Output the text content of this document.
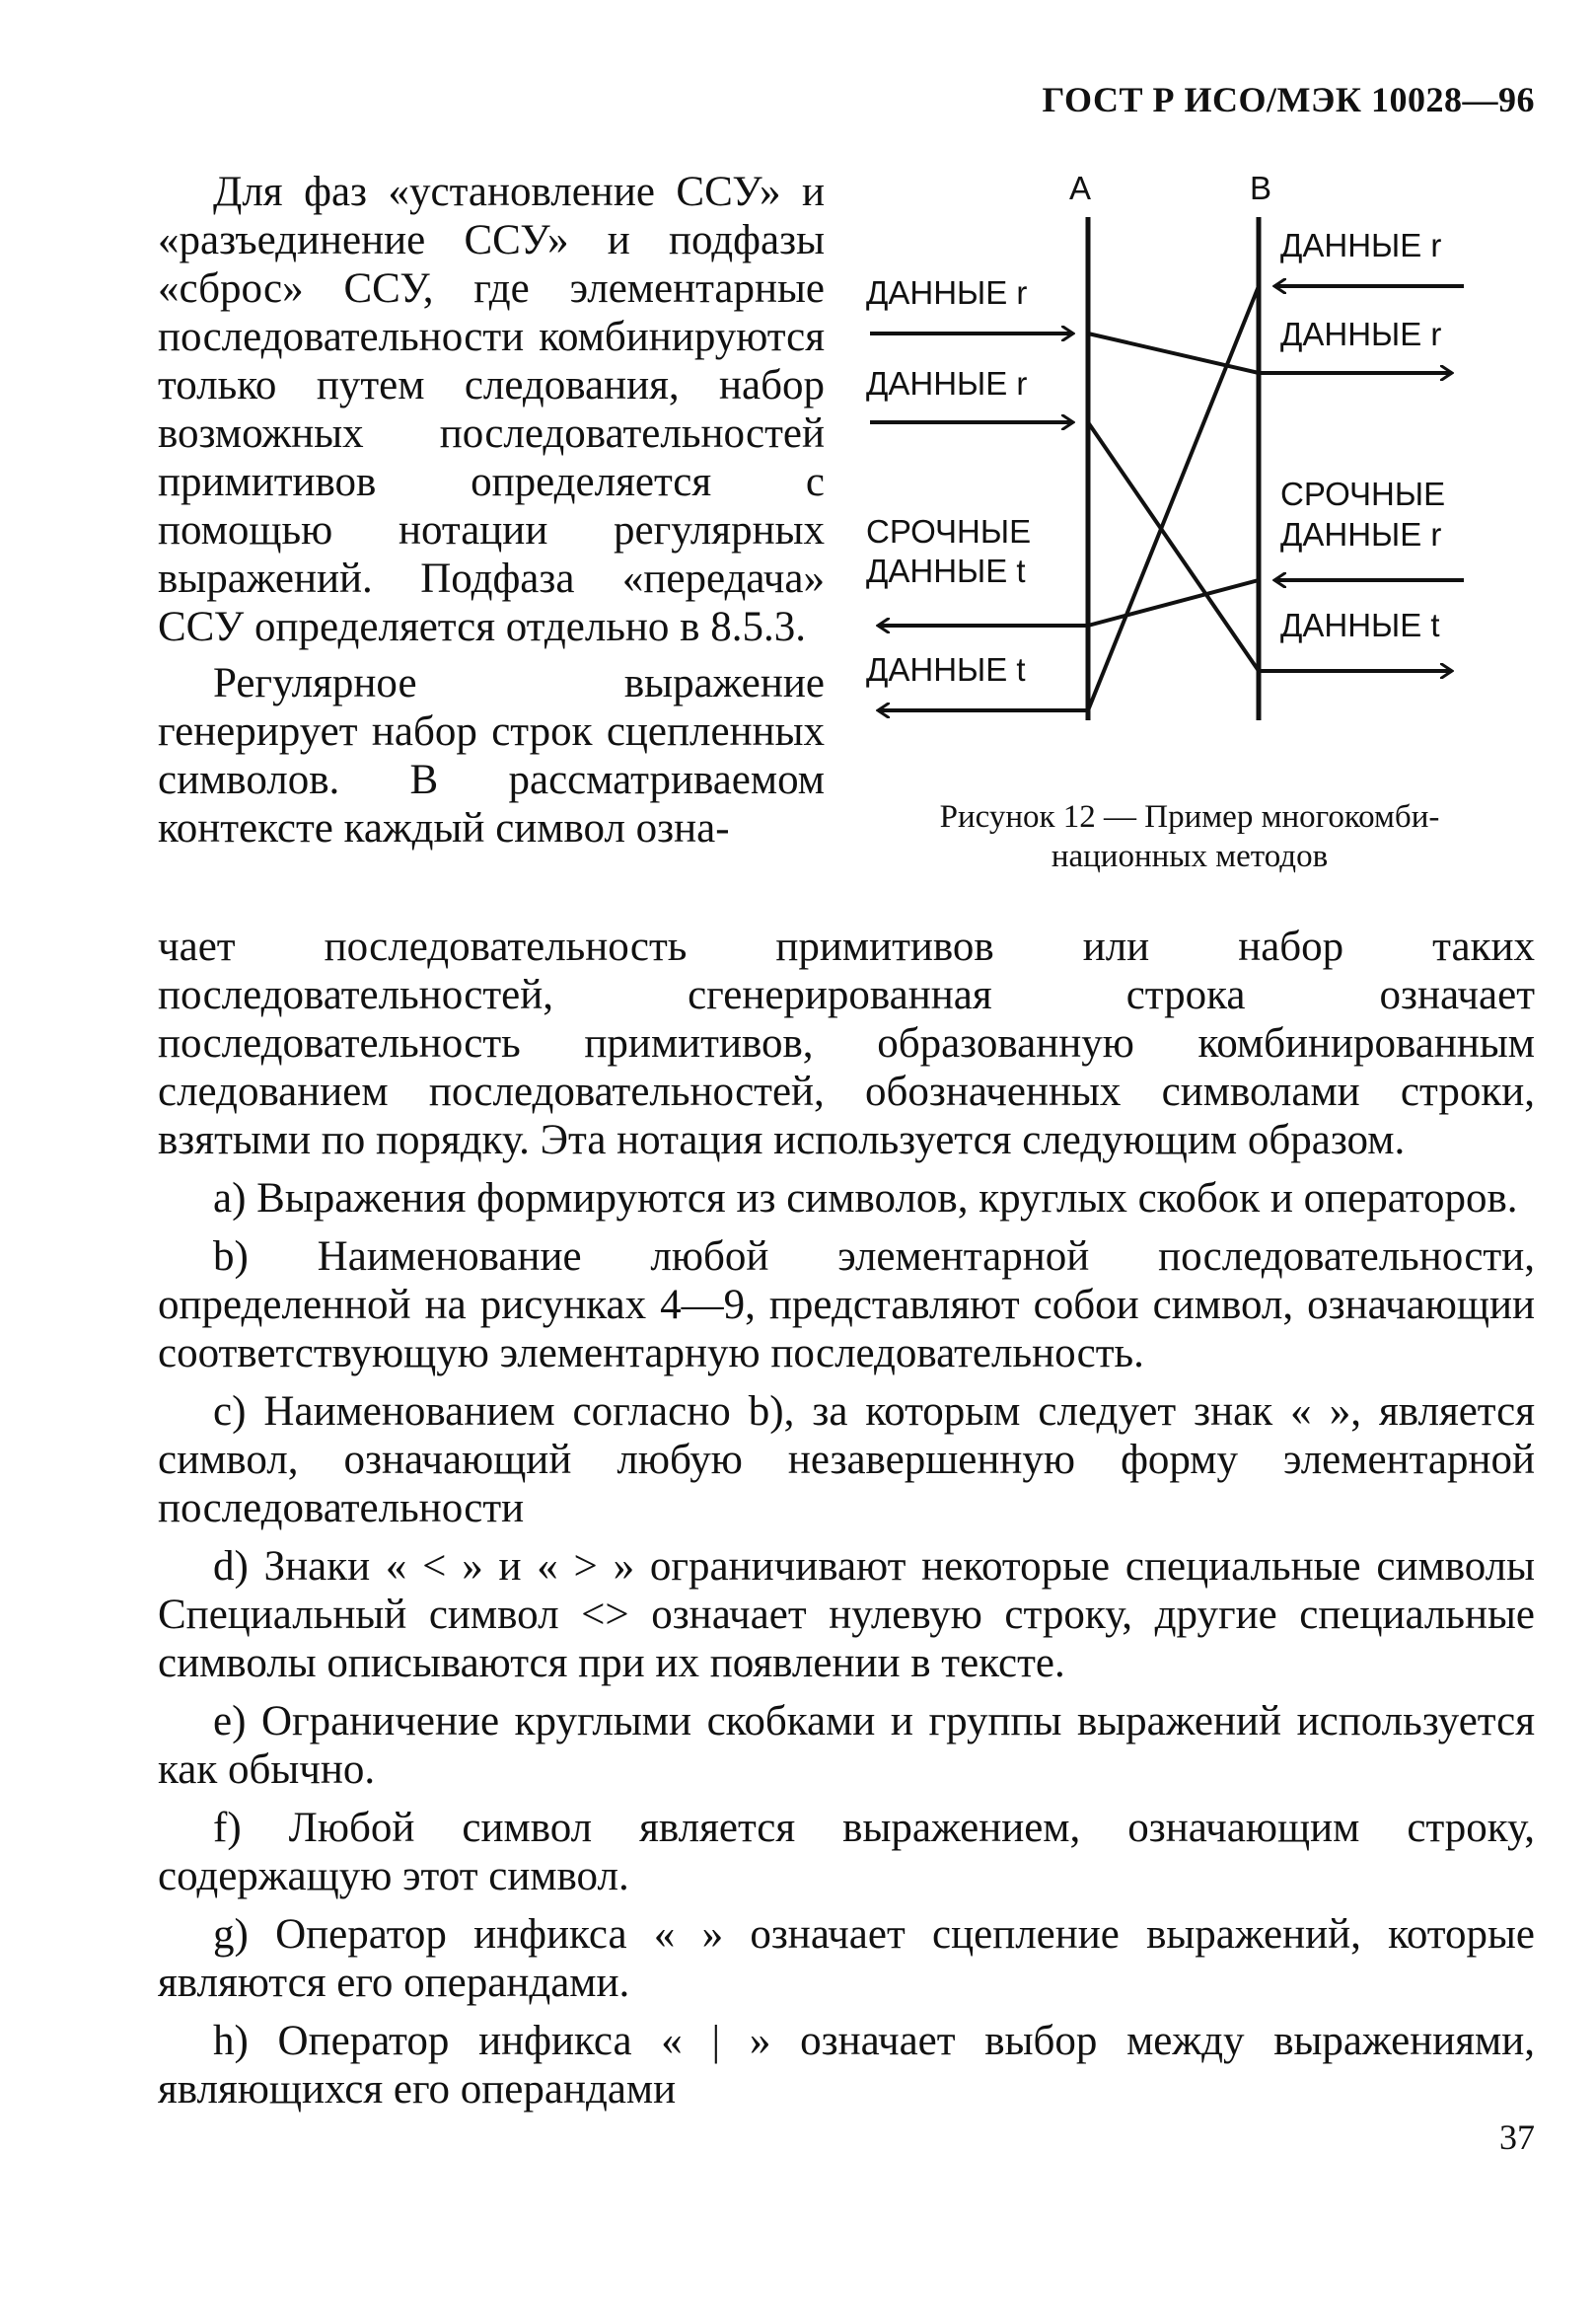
ГОСТ Р ИСО/МЭК 10028—96

Для фаз «установление ССУ» и «разъединение ССУ» и подфазы «сброс» ССУ, где элементарные последовательности комбинируются только путем следования, набор возможных последовательностей примитивов определяется с помощью нотации регулярных выражений. Подфаза «передача» ССУ определяется отдельно в 8.5.3.

Регулярное выражение генерирует набор строк сцепленных символов. В рассматриваемом контексте каждый символ озна-

A	B
ДАННЫЕ r
ДАННЫЕ r
СРОЧНЫЕ
ДАННЫЕ t
ДАННЫЕ t
ДАННЫЕ r
ДАННЫЕ r
СРОЧНЫЕ
ДАННЫЕ r
ДАННЫЕ t
Рисунок 12 — Пример многокомби-
национных методов

чает последовательность примитивов или набор таких последовательностей, сгенерированная строка означает последовательность примитивов, образованную комбинированным следованием последовательностей, обозначенных символами строки, взятыми по порядку. Эта нотация используется следующим образом.

а) Выражения формируются из символов, круглых скобок и операторов.

b) Наименование любой элементарной последовательности, определенной на рисунках 4—9, представляют собои символ, означающии соответствующую элементарную последовательность.

с) Наименованием согласно b), за которым следует знак « », является символ, означающий любую незавершенную форму элементарной последовательности

d) Знаки « < » и « > » ограничивают некоторые специальные символы Специальный символ <> означает нулевую строку, другие специальные символы описываются при их появлении в тексте.

е) Ограничение круглыми скобками и группы выражений используется как обычно.

f) Любой символ является выражением, означающим строку, содержащую этот символ.

g) Оператор инфикса « » означает сцепление выражений, которые являются его операндами.

h) Оператор инфикса « | » означает выбор между выражениями, являющихся его операндами

37
